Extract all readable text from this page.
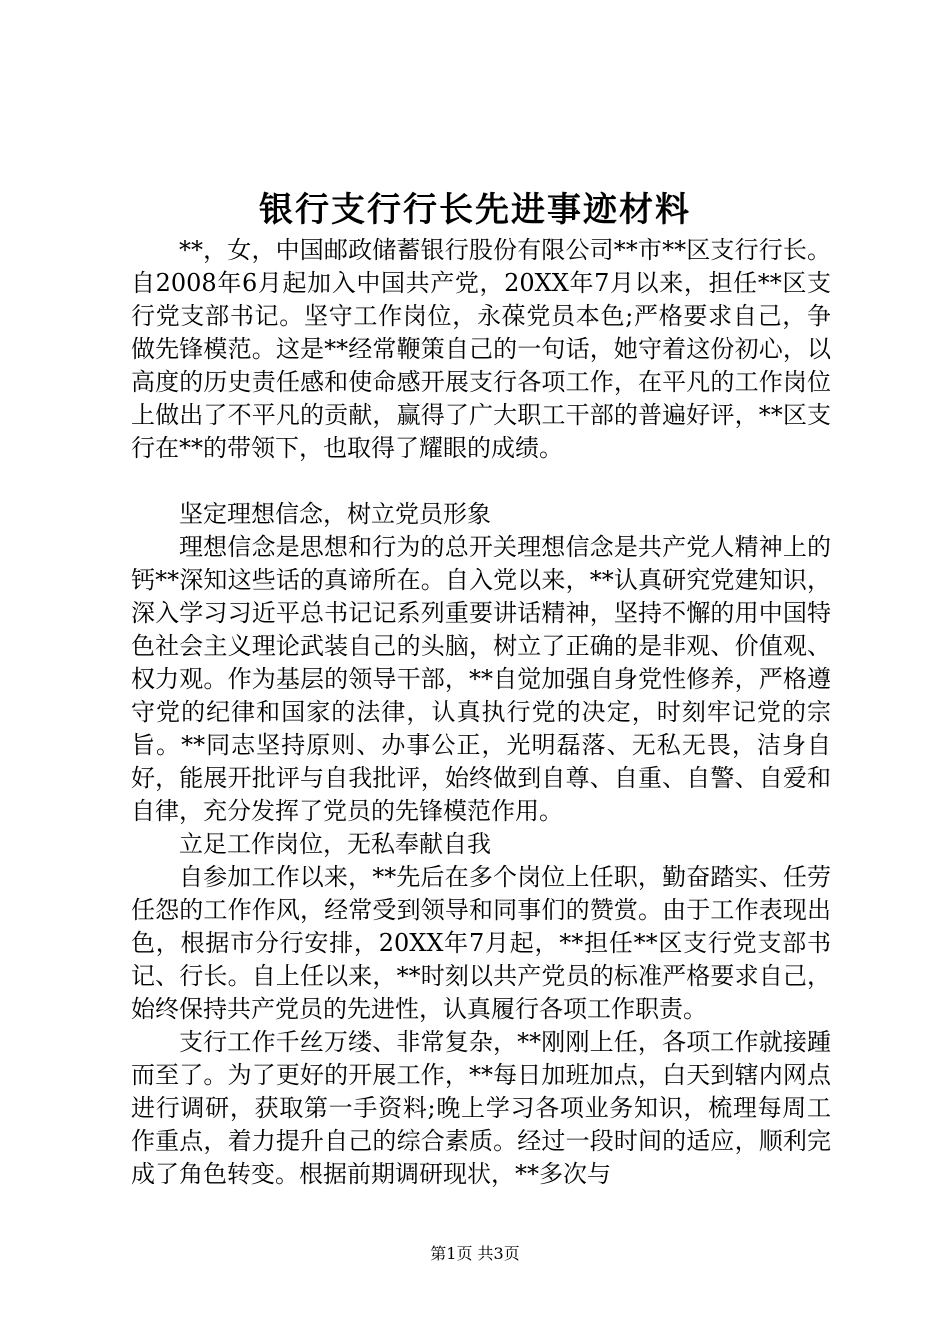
银行支行行长先进事迹材料

**，女，中国邮政储蓄银行股份有限公司**市**区支行行长。自2008年6月起加入中国共产党，20XX年7月以来，担任**区支行党支部书记。坚守工作岗位，永葆党员本色;严格要求自己，争做先锋模范。这是**经常鞭策自己的一句话，她守着这份初心，以高度的历史责任感和使命感开展支行各项工作，在平凡的工作岗位上做出了不平凡的贡献，赢得了广大职工干部的普遍好评，**区支行在**的带领下，也取得了耀眼的成绩。

坚定理想信念，树立党员形象

理想信念是思想和行为的总开关理想信念是共产党人精神上的钙**深知这些话的真谛所在。自入党以来，**认真研究党建知识，深入学习习近平总书记记系列重要讲话精神，坚持不懈的用中国特色社会主义理论武装自己的头脑，树立了正确的是非观、价值观、权力观。作为基层的领导干部，**自觉加强自身党性修养，严格遵守党的纪律和国家的法律，认真执行党的决定，时刻牢记党的宗旨。**同志坚持原则、办事公正，光明磊落、无私无畏，洁身自好，能展开批评与自我批评，始终做到自尊、自重、自警、自爱和自律，充分发挥了党员的先锋模范作用。

立足工作岗位，无私奉献自我

自参加工作以来，**先后在多个岗位上任职，勤奋踏实、任劳任怨的工作作风，经常受到领导和同事们的赞赏。由于工作表现出色，根据市分行安排，20XX年7月起，**担任**区支行党支部书记、行长。自上任以来，**时刻以共产党员的标准严格要求自己，始终保持共产党员的先进性，认真履行各项工作职责。

支行工作千丝万缕、非常复杂，**刚刚上任，各项工作就接踵而至了。为了更好的开展工作，**每日加班加点，白天到辖内网点进行调研，获取第一手资料;晚上学习各项业务知识，梳理每周工作重点，着力提升自己的综合素质。经过一段时间的适应，顺利完成了角色转变。根据前期调研现状，**多次与

第1页 共3页
